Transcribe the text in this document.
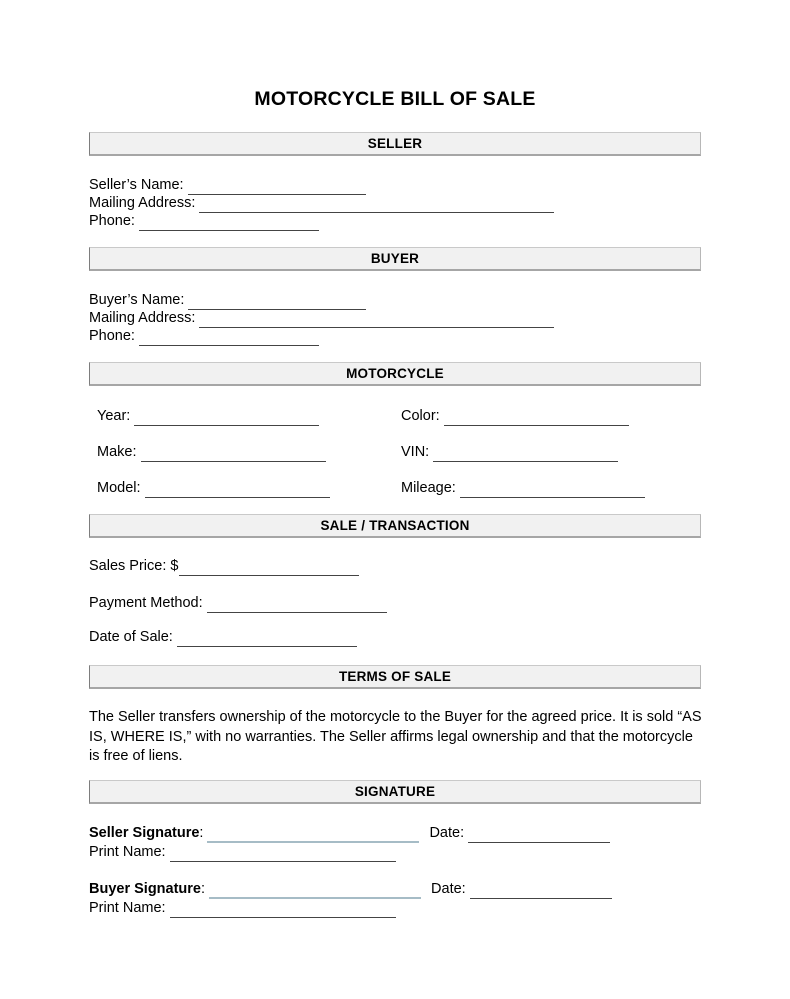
MOTORCYCLE BILL OF SALE
SELLER
Seller’s Name:
Mailing Address:
Phone:
BUYER
Buyer’s Name:
Mailing Address:
Phone:
MOTORCYCLE
Year:
Make:
Model:
Color:
VIN:
Mileage:
SALE / TRANSACTION
Sales Price: $
Payment Method:
Date of Sale:
TERMS OF SALE
The Seller transfers ownership of the motorcycle to the Buyer for the agreed price. It is sold “AS IS, WHERE IS,” with no warranties. The Seller affirms legal ownership and that the motorcycle is free of liens.
SIGNATURE
Seller Signature:	Date:
Print Name:
Buyer Signature:	Date:
Print Name:
